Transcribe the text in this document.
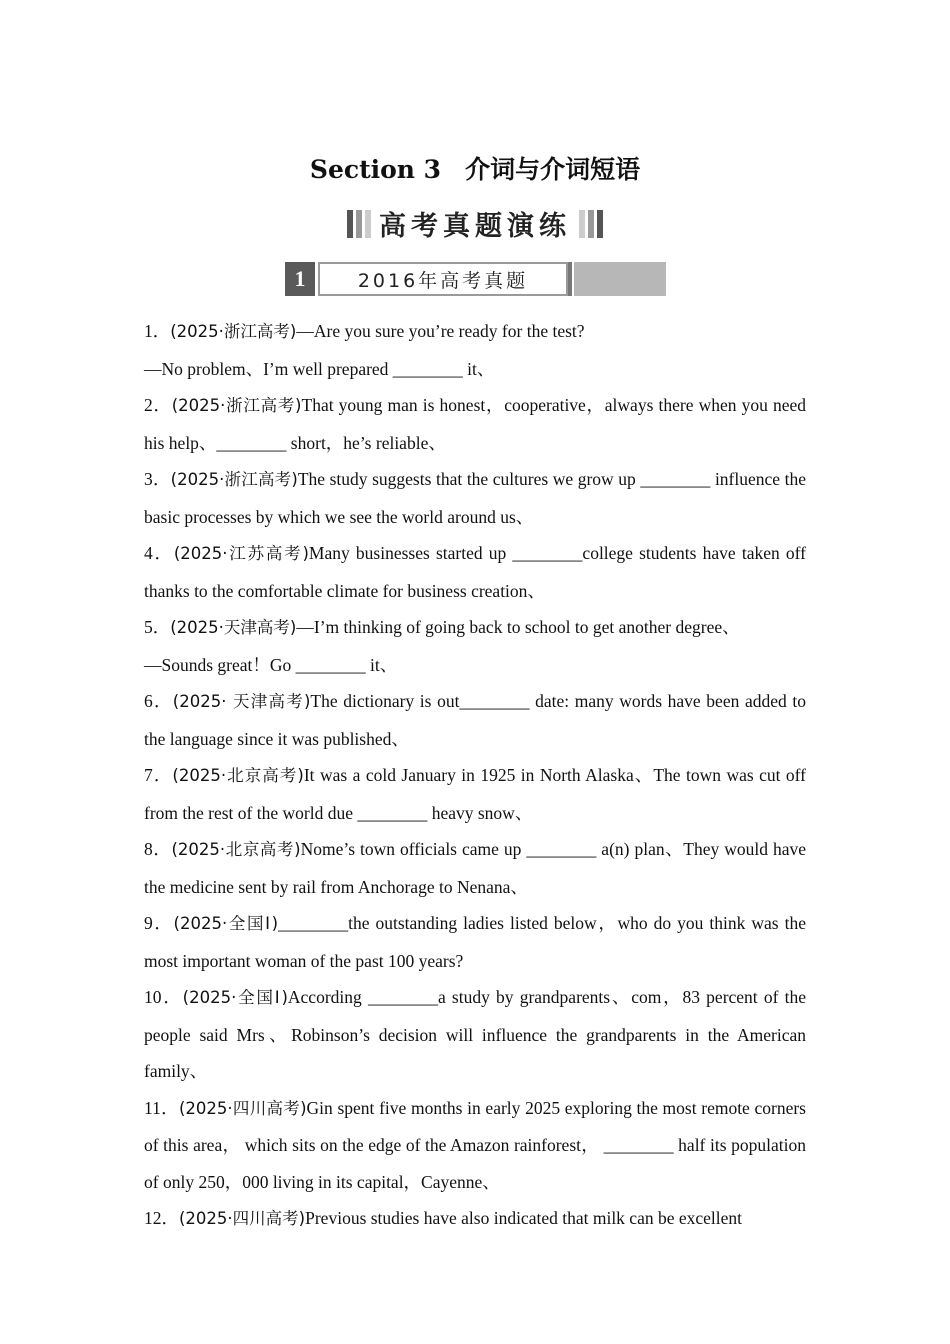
Section 3 介词与介词短语
高考真题演练
1	2016年高考真题

1．(2025·浙江高考)—Are you sure you’re ready for the test?
—No problem、I’m well prepared ________ it、

2．(2025·浙江高考)That young man is honest，cooperative，always there when you need his help、________ short，he’s reliable、

3．(2025·浙江高考)The study suggests that the cultures we grow up ________ influence the basic processes by which we see the world around us、

4．(2025·江苏高考)Many businesses started up ________college students have taken off thanks to the comfortable climate for business creation、

5．(2025·天津高考)—I’m thinking of going back to school to get another degree、
—Sounds great！Go ________ it、

6．(2025· 天津高考)The dictionary is out________ date: many words have been added to the language since it was published、

7．(2025·北京高考)It was a cold January in 1925 in North Alaska、The town was cut off from the rest of the world due ________ heavy snow、

8．(2025·北京高考)Nome’s town officials came up ________ a(n) plan、They would have the medicine sent by rail from Anchorage to Nenana、

9．(2025·全国Ⅰ)________the outstanding ladies listed below，who do you think was the most important woman of the past 100 years?

10．(2025·全国Ⅰ)According ________a study by grandparents、com，83 percent of the people said Mrs、Robinson’s decision will influence the grandparents in the American family、

11．(2025·四川高考)Gin spent five months in early 2025 exploring the most remote corners of this area， which sits on the edge of the Amazon rainforest， ________ half its population of only 250，000 living in its capital，Cayenne、

12．(2025·四川高考)Previous studies have also indicated that milk can be excellent
